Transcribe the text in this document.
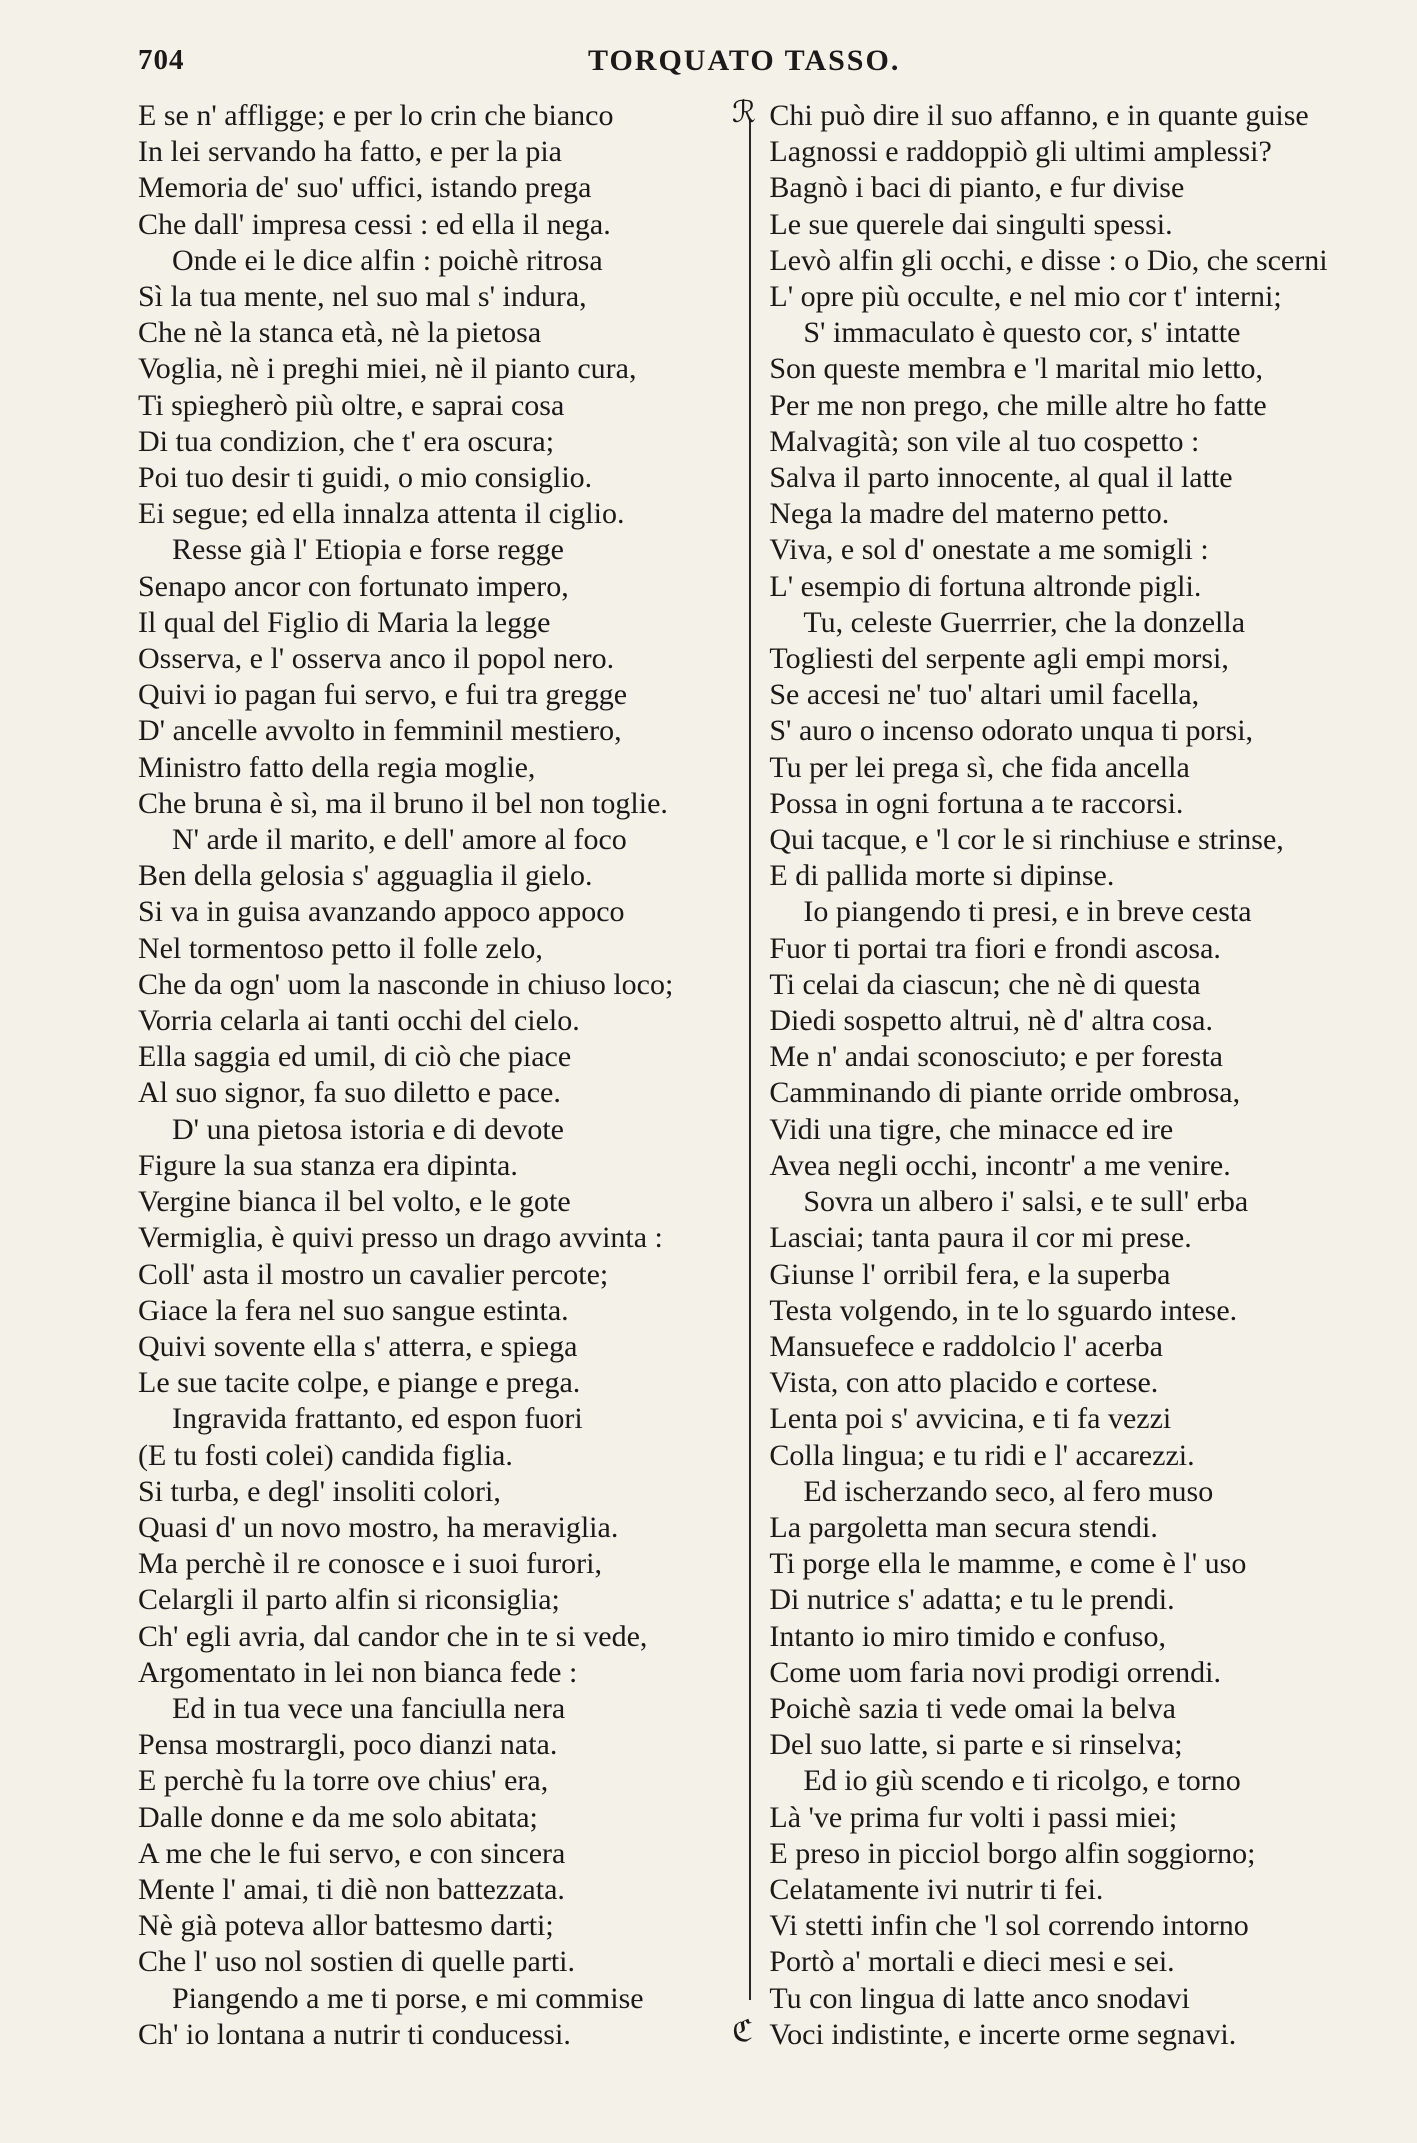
704	TORQUATO TASSO.
ℛ
E se n' affligge; e per lo crin che bianco
In lei servando ha fatto, e per la pia
Memoria de' suo' uffici, istando prega
Che dall' impresa cessi : ed ella il nega.
Onde ei le dice alfin : poichè ritrosa
Sì la tua mente, nel suo mal s' indura,
Che nè la stanca età, nè la pietosa
Voglia, nè i preghi miei, nè il pianto cura,
Ti spiegherò più oltre, e saprai cosa
Di tua condizion, che t' era oscura;
Poi tuo desir ti guidi, o mio consiglio.
Ei segue; ed ella innalza attenta il ciglio.
Resse già l' Etiopia e forse regge
Senapo ancor con fortunato impero,
Il qual del Figlio di Maria la legge
Osserva, e l' osserva anco il popol nero.
Quivi io pagan fui servo, e fui tra gregge
D' ancelle avvolto in femminil mestiero,
Ministro fatto della regia moglie,
Che bruna è sì, ma il bruno il bel non toglie.
N' arde il marito, e dell' amore al foco
Ben della gelosia s' agguaglia il gielo.
Si va in guisa avanzando appoco appoco
Nel tormentoso petto il folle zelo,
Che da ogn' uom la nasconde in chiuso loco;
Vorria celarla ai tanti occhi del cielo.
Ella saggia ed umil, di ciò che piace
Al suo signor, fa suo diletto e pace.
D' una pietosa istoria e di devote
Figure la sua stanza era dipinta.
Vergine bianca il bel volto, e le gote
Vermiglia, è quivi presso un drago avvinta :
Coll' asta il mostro un cavalier percote;
Giace la fera nel suo sangue estinta.
Quivi sovente ella s' atterra, e spiega
Le sue tacite colpe, e piange e prega.
Ingravida frattanto, ed espon fuori
(E tu fosti colei) candida figlia.
Si turba, e degl' insoliti colori,
Quasi d' un novo mostro, ha meraviglia.
Ma perchè il re conosce e i suoi furori,
Celargli il parto alfin si riconsiglia;
Ch' egli avria, dal candor che in te si vede,
Argomentato in lei non bianca fede :
Ed in tua vece una fanciulla nera
Pensa mostrargli, poco dianzi nata.
E perchè fu la torre ove chius' era,
Dalle donne e da me solo abitata;
A me che le fui servo, e con sincera
Mente l' amai, ti diè non battezzata.
Nè già poteva allor battesmo darti;
Che l' uso nol sostien di quelle parti.
Piangendo a me ti porse, e mi commise
Ch' io lontana a nutrir ti conducessi.
Chi può dire il suo affanno, e in quante guise
Lagnossi e raddoppiò gli ultimi amplessi?
Bagnò i baci di pianto, e fur divise
Le sue querele dai singulti spessi.
Levò alfin gli occhi, e disse : o Dio, che scerni
L' opre più occulte, e nel mio cor t' interni;
S' immaculato è questo cor, s' intatte
Son queste membra e 'l marital mio letto,
Per me non prego, che mille altre ho fatte
Malvagità; son vile al tuo cospetto :
Salva il parto innocente, al qual il latte
Nega la madre del materno petto.
Viva, e sol d' onestate a me somigli :
L' esempio di fortuna altronde pigli.
Tu, celeste Guerrrier, che la donzella
Togliesti del serpente agli empi morsi,
Se accesi ne' tuo' altari umil facella,
S' auro o incenso odorato unqua ti porsi,
Tu per lei prega sì, che fida ancella
Possa in ogni fortuna a te raccorsi.
Qui tacque, e 'l cor le si rinchiuse e strinse,
E di pallida morte si dipinse.
Io piangendo ti presi, e in breve cesta
Fuor ti portai tra fiori e frondi ascosa.
Ti celai da ciascun; che nè di questa
Diedi sospetto altrui, nè d' altra cosa.
Me n' andai sconosciuto; e per foresta
Camminando di piante orride ombrosa,
Vidi una tigre, che minacce ed ire
Avea negli occhi, incontr' a me venire.
Sovra un albero i' salsi, e te sull' erba
Lasciai; tanta paura il cor mi prese.
Giunse l' orribil fera, e la superba
Testa volgendo, in te lo sguardo intese.
Mansuefece e raddolcio l' acerba
Vista, con atto placido e cortese.
Lenta poi s' avvicina, e ti fa vezzi
Colla lingua; e tu ridi e l' accarezzi.
Ed ischerzando seco, al fero muso
La pargoletta man secura stendi.
Ti porge ella le mamme, e come è l' uso
Di nutrice s' adatta; e tu le prendi.
Intanto io miro timido e confuso,
Come uom faria novi prodigi orrendi.
Poichè sazia ti vede omai la belva
Del suo latte, si parte e si rinselva;
Ed io giù scendo e ti ricolgo, e torno
Là 've prima fur volti i passi miei;
E preso in picciol borgo alfin soggiorno;
Celatamente ivi nutrir ti fei.
Vi stetti infin che 'l sol correndo intorno
Portò a' mortali e dieci mesi e sei.
Tu con lingua di latte anco snodavi
Voci indistinte, e incerte orme segnavi.
ℭ
